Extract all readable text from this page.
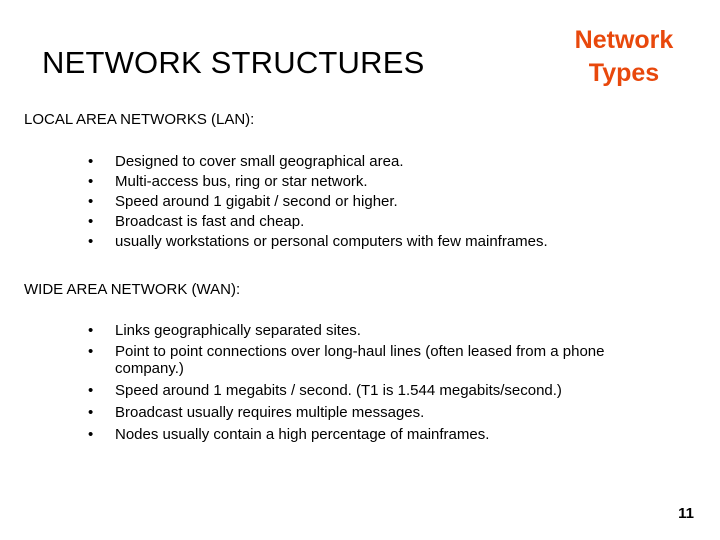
NETWORK STRUCTURES
Network
Types
LOCAL AREA NETWORKS (LAN):
•	Designed to cover small geographical area.
•	Multi-access bus, ring or star network.
•	Speed around 1 gigabit / second or higher.
•	Broadcast is fast and cheap.
•	usually workstations or personal computers with few mainframes.
WIDE AREA NETWORK (WAN):
•	Links geographically separated sites.
•	Point to point connections over long-haul lines (often leased from a phone company.)
•	Speed around 1 megabits / second. (T1 is 1.544 megabits/second.)
•	Broadcast usually requires multiple messages.
•	Nodes usually contain a high percentage of mainframes.
11
